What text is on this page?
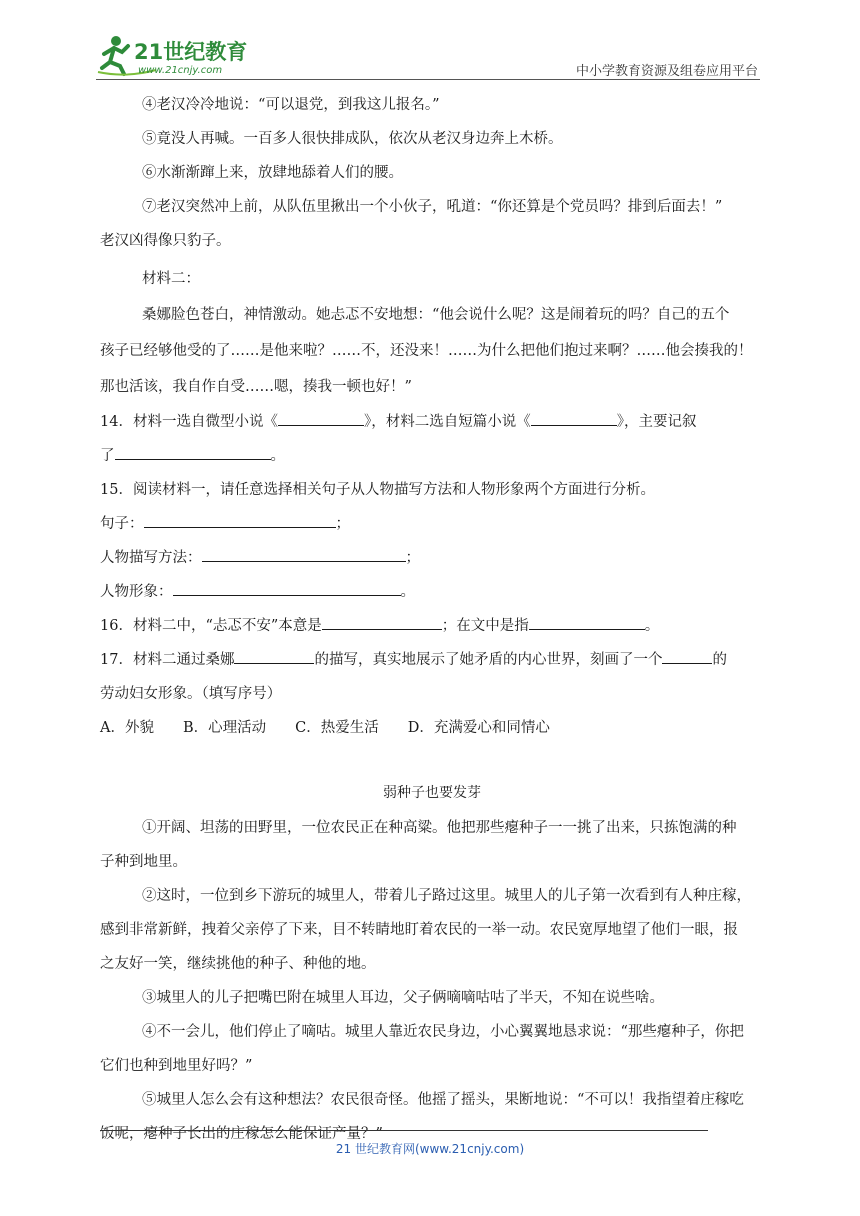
21世纪教育
www.21cnjy.com	中小学教育资源及组卷应用平台
④老汉冷冷地说：“可以退党，到我这儿报名。”
⑤竟没人再喊。一百多人很快排成队，依次从老汉身边奔上木桥。
⑥水渐渐蹿上来，放肆地舔着人们的腰。
⑦老汉突然冲上前，从队伍里揪出一个小伙子，吼道：“你还算是个党员吗？排到后面去！”
老汉凶得像只豹子。
材料二：
桑娜脸色苍白，神情激动。她忐忑不安地想：“他会说什么呢？这是闹着玩的吗？自己的五个
孩子已经够他受的了……是他来啦？……不，还没来！……为什么把他们抱过来啊？……他会揍我的！
那也活该，我自作自受……嗯，揍我一顿也好！”
14．材料一选自微型小说《	》，材料二选自短篇小说《	》，主要记叙
了	。
15．阅读材料一，请任意选择相关句子从人物描写方法和人物形象两个方面进行分析。
句子：	；
人物描写方法：	；
人物形象：	。
16．材料二中，“忐忑不安”本意是	；在文中是指	。
17．材料二通过桑娜	的描写，真实地展示了她矛盾的内心世界，刻画了一个	的
劳动妇女形象。（填写序号）
A．外貌　　B．心理活动　　C．热爱生活　　D．充满爱心和同情心
弱种子也要发芽
①开阔、坦荡的田野里，一位农民正在种高粱。他把那些瘪种子一一挑了出来，只拣饱满的种
子种到地里。
②这时，一位到乡下游玩的城里人，带着儿子路过这里。城里人的儿子第一次看到有人种庄稼，
感到非常新鲜，拽着父亲停了下来，目不转睛地盯着农民的一举一动。农民宽厚地望了他们一眼，报
之友好一笑，继续挑他的种子、种他的地。
③城里人的儿子把嘴巴附在城里人耳边，父子俩嘀嘀咕咕了半天，不知在说些啥。
④不一会儿，他们停止了嘀咕。城里人靠近农民身边，小心翼翼地恳求说：“那些瘪种子，你把
它们也种到地里好吗？”
⑤城里人怎么会有这种想法？农民很奇怪。他摇了摇头，果断地说：“不可以！我指望着庄稼吃
饭呢，瘪种子长出的庄稼怎么能保证产量？”
21 世纪教育网(www.21cnjy.com)
